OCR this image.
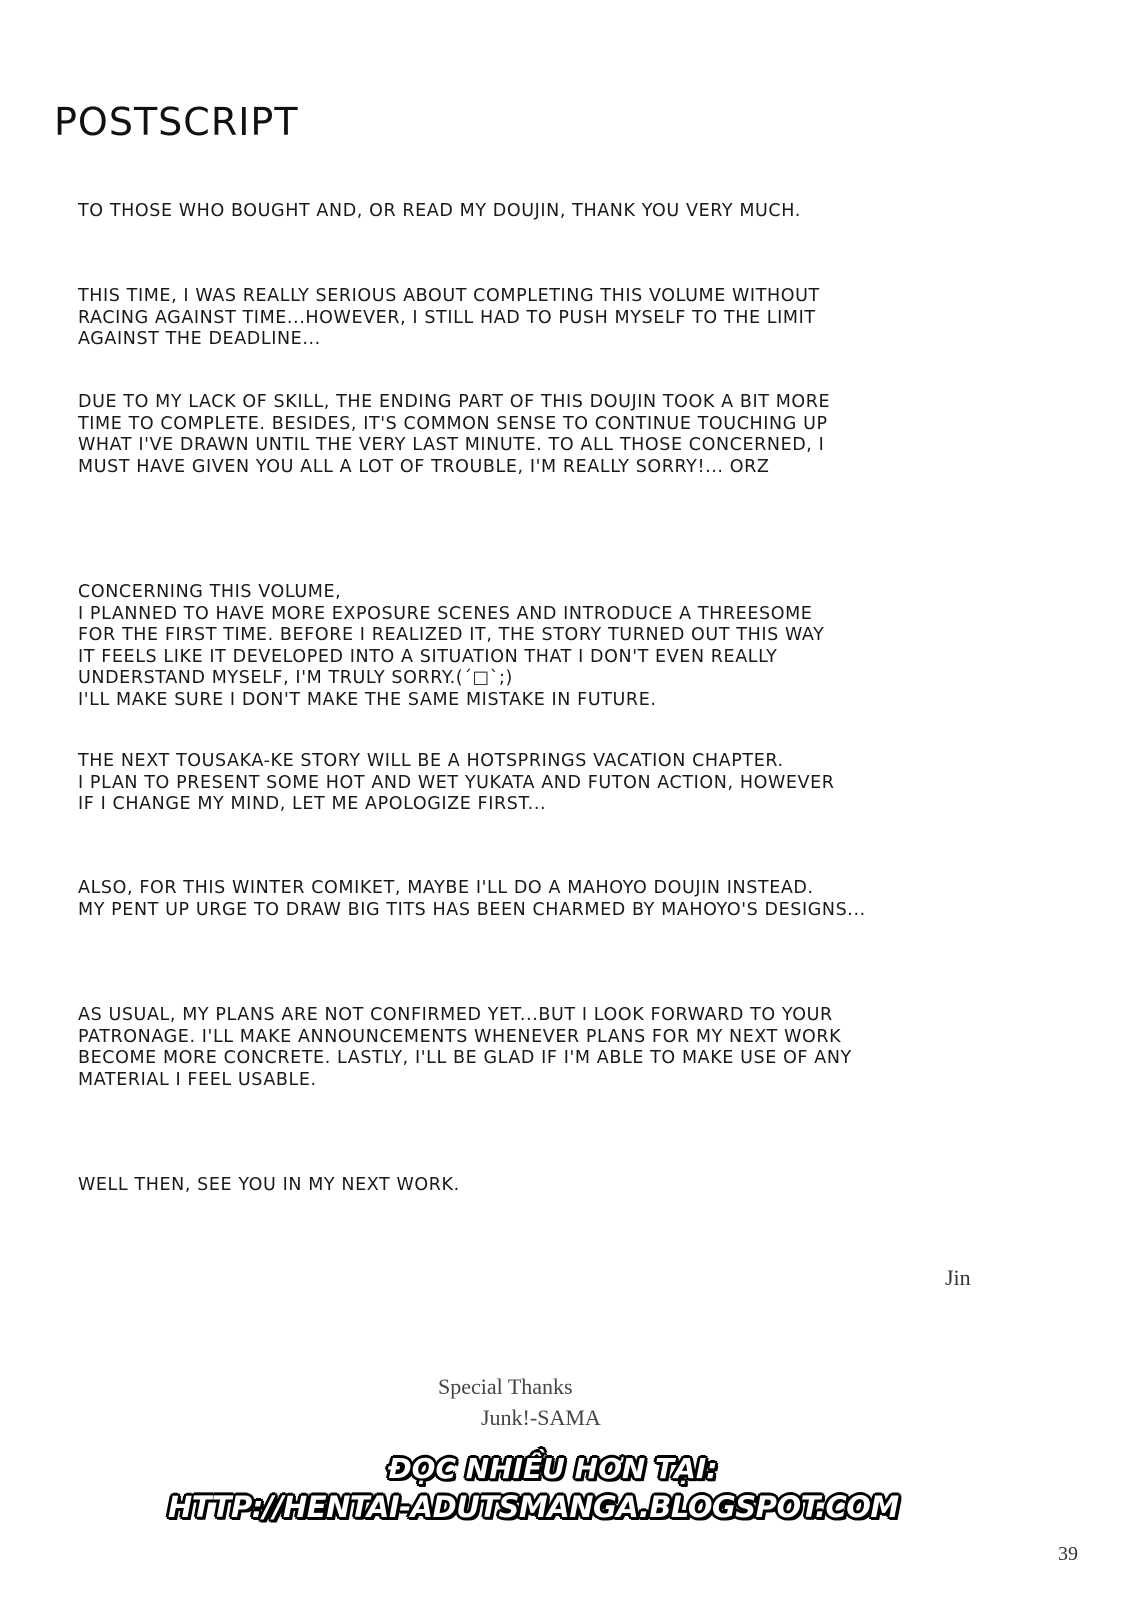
POSTSCRIPT
TO THOSE WHO BOUGHT AND, OR READ MY DOUJIN, THANK YOU VERY MUCH.
THIS TIME, I WAS REALLY SERIOUS ABOUT COMPLETING THIS VOLUME WITHOUT
RACING AGAINST TIME...HOWEVER, I STILL HAD TO PUSH MYSELF TO THE LIMIT
AGAINST THE DEADLINE...
DUE TO MY LACK OF SKILL, THE ENDING PART OF THIS DOUJIN TOOK A BIT MORE
TIME TO COMPLETE. BESIDES, IT'S COMMON SENSE TO CONTINUE TOUCHING UP
WHAT I'VE DRAWN UNTIL THE VERY LAST MINUTE. TO ALL THOSE CONCERNED, I
MUST HAVE GIVEN YOU ALL A LOT OF TROUBLE, I'M REALLY SORRY!... ORZ
CONCERNING THIS VOLUME,
I PLANNED TO HAVE MORE EXPOSURE SCENES AND INTRODUCE A THREESOME
FOR THE FIRST TIME. BEFORE I REALIZED IT, THE STORY TURNED OUT THIS WAY
IT FEELS LIKE IT DEVELOPED INTO A SITUATION THAT I DON'T EVEN REALLY
UNDERSTAND MYSELF, I'M TRULY SORRY.(´□`;)
I'LL MAKE SURE I DON'T MAKE THE SAME MISTAKE IN FUTURE.
THE NEXT TOUSAKA-KE STORY WILL BE A HOTSPRINGS VACATION CHAPTER.
I PLAN TO PRESENT SOME HOT AND WET YUKATA AND FUTON ACTION, HOWEVER
IF I CHANGE MY MIND, LET ME APOLOGIZE FIRST...
ALSO, FOR THIS WINTER COMIKET, MAYBE I'LL DO A MAHOYO DOUJIN INSTEAD.
MY PENT UP URGE TO DRAW BIG TITS HAS BEEN CHARMED BY MAHOYO'S DESIGNS...
AS USUAL, MY PLANS ARE NOT CONFIRMED YET...BUT I LOOK FORWARD TO YOUR
PATRONAGE. I'LL MAKE ANNOUNCEMENTS WHENEVER PLANS FOR MY NEXT WORK
BECOME MORE CONCRETE. LASTLY, I'LL BE GLAD IF I'M ABLE TO MAKE USE OF ANY
MATERIAL I FEEL USABLE.
WELL THEN, SEE YOU IN MY NEXT WORK.
Jin
Special Thanks
Junk!-SAMA
ĐỌC NHIỀU HƠN TẠI:
HTTP://HENTAI-ADUTSMANGA.BLOGSPOT.COM
39
